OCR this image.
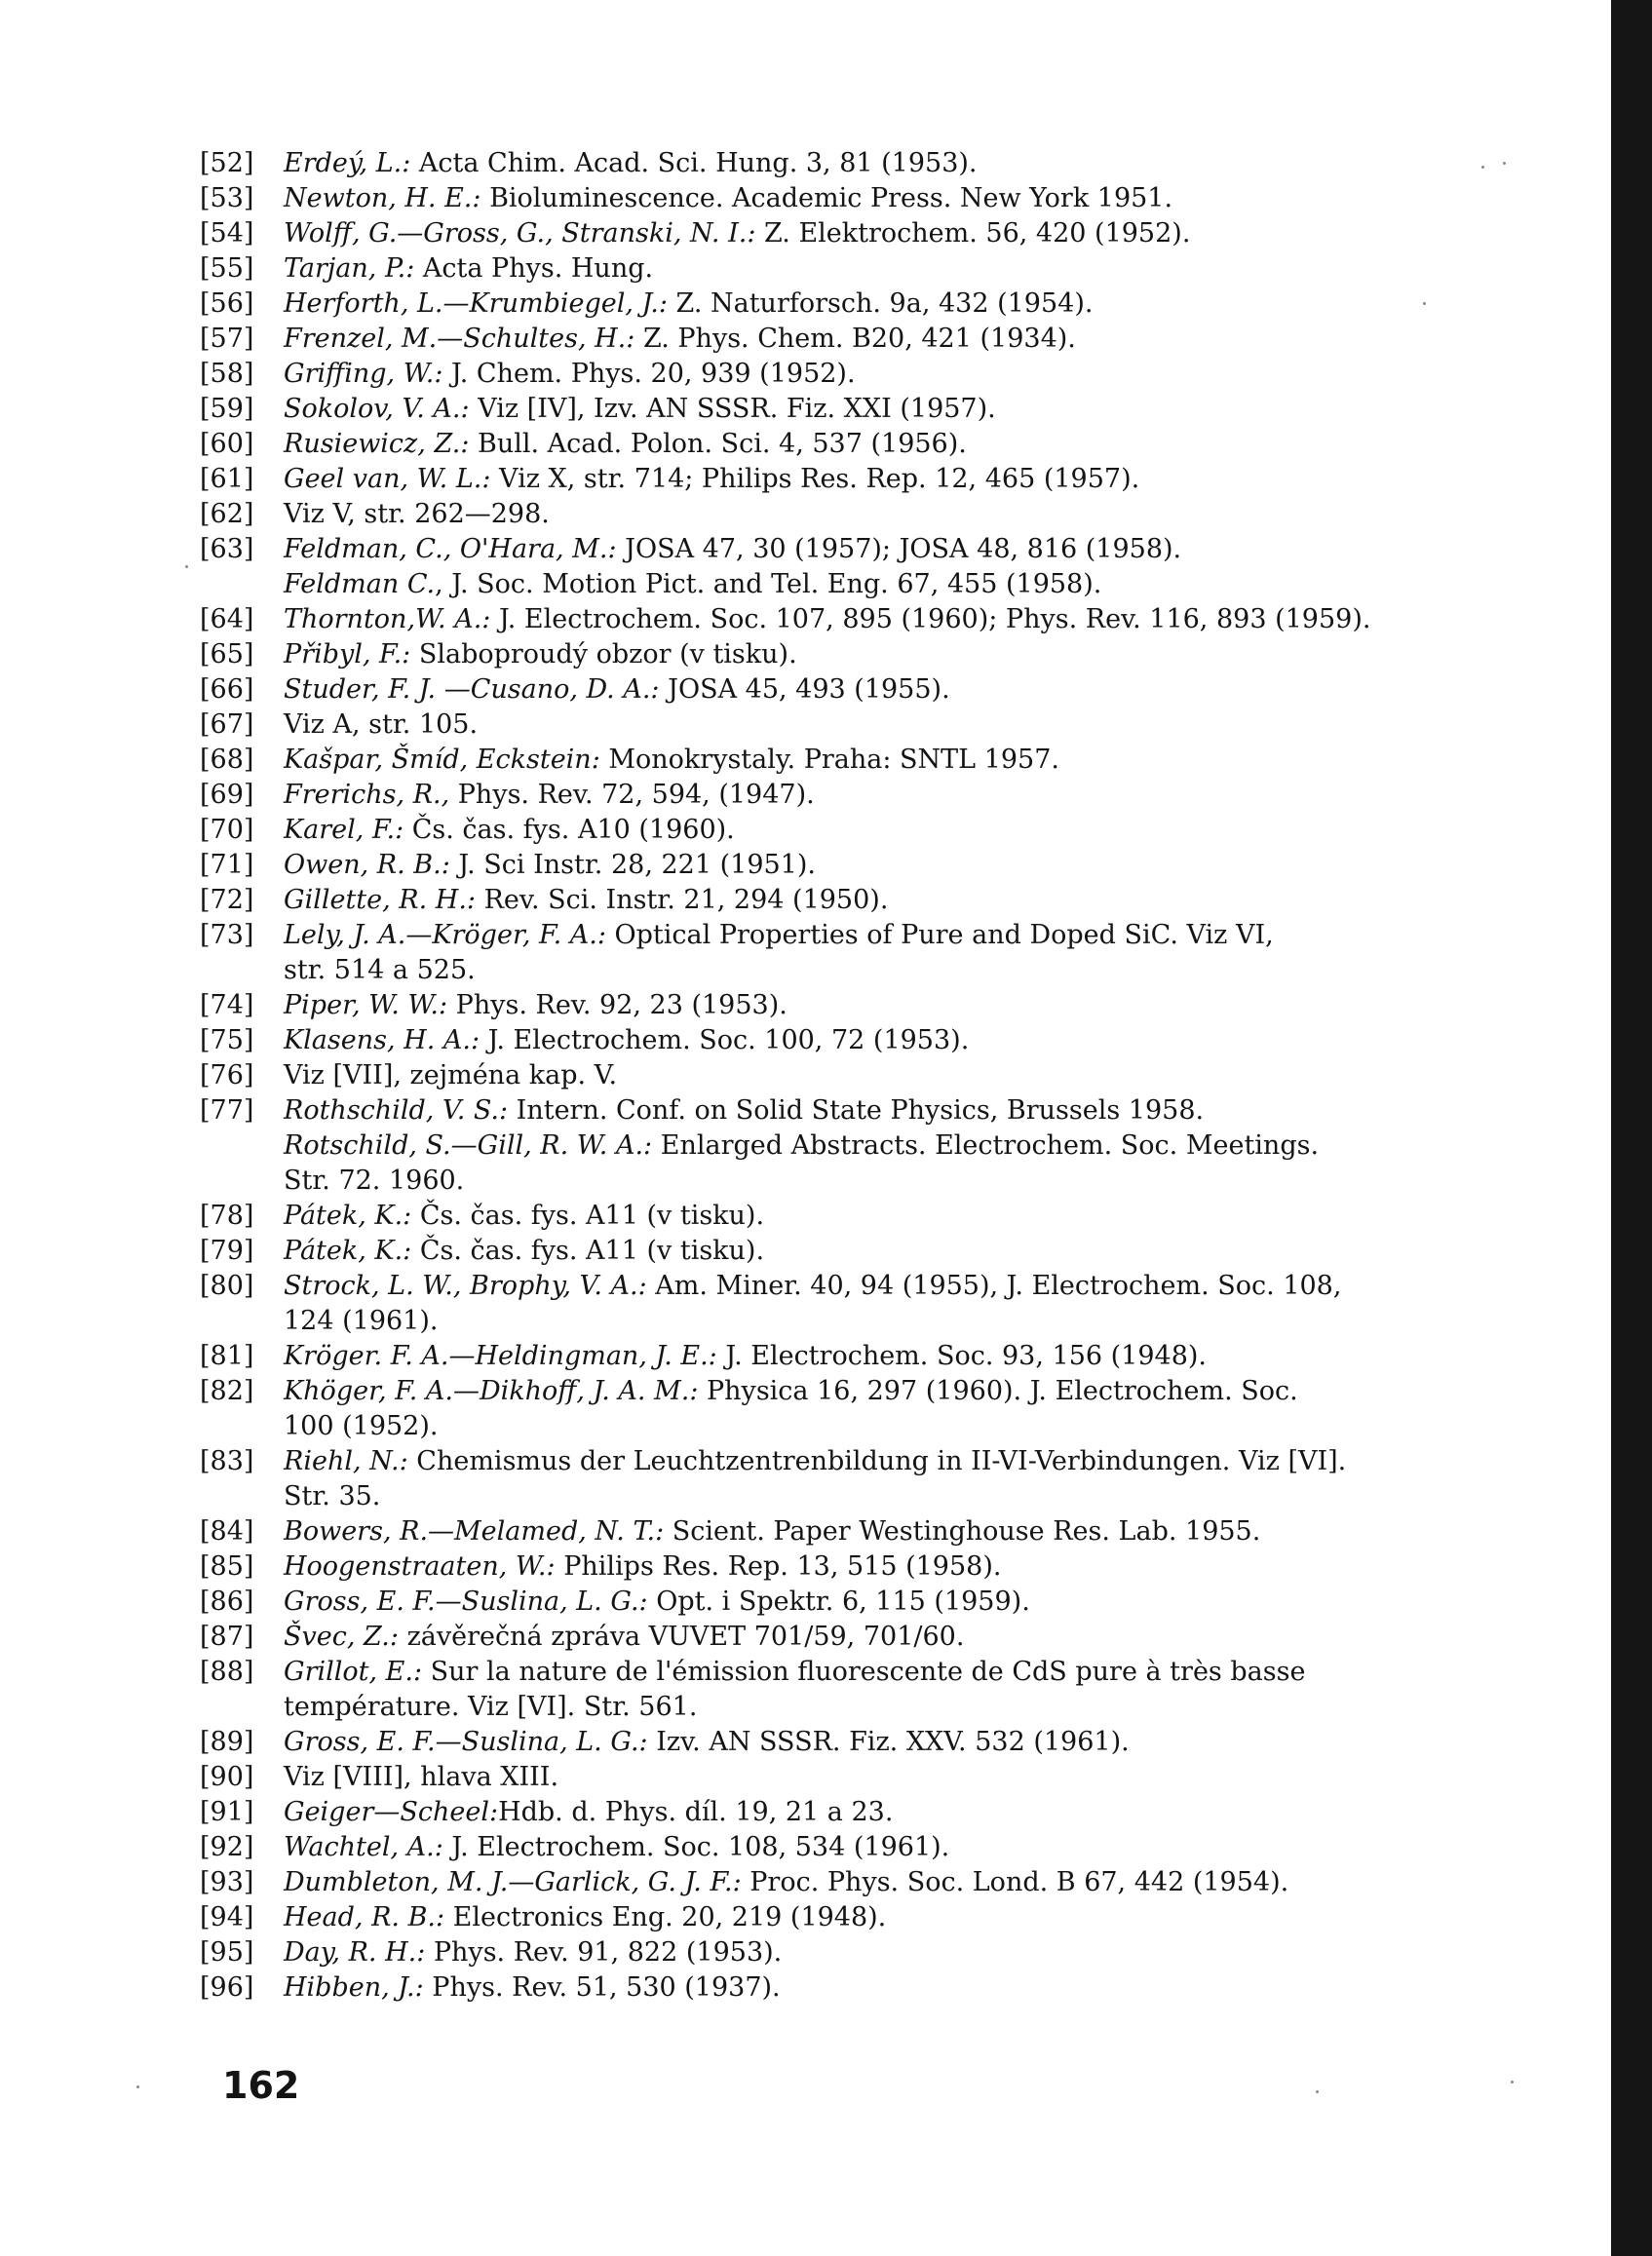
[52]	Erdeý, L.: Acta Chim. Acad. Sci. Hung. 3, 81 (1953).
[53]	Newton, H. E.: Bioluminescence. Academic Press. New York 1951.
[54]	Wolff, G.—Gross, G., Stranski, N. I.: Z. Elektrochem. 56, 420 (1952).
[55]	Tarjan, P.: Acta Phys. Hung.
[56]	Herforth, L.—Krumbiegel, J.: Z. Naturforsch. 9a, 432 (1954).
[57]	Frenzel, M.—Schultes, H.: Z. Phys. Chem. B20, 421 (1934).
[58]	Griffing, W.: J. Chem. Phys. 20, 939 (1952).
[59]	Sokolov, V. A.: Viz [IV], Izv. AN SSSR. Fiz. XXI (1957).
[60]	Rusiewicz, Z.: Bull. Acad. Polon. Sci. 4, 537 (1956).
[61]	Geel van, W. L.: Viz X, str. 714; Philips Res. Rep. 12, 465 (1957).
[62]	Viz V, str. 262—298.
[63]	Feldman, C., O'Hara, M.: JOSA 47, 30 (1957); JOSA 48, 816 (1958).
Feldman C., J. Soc. Motion Pict. and Tel. Eng. 67, 455 (1958).
[64]	Thornton,W. A.: J. Electrochem. Soc. 107, 895 (1960); Phys. Rev. 116, 893 (1959).
[65]	Přibyl, F.: Slaboproudý obzor (v tisku).
[66]	Studer, F. J. —Cusano, D. A.: JOSA 45, 493 (1955).
[67]	Viz A, str. 105.
[68]	Kašpar, Šmíd, Eckstein: Monokrystaly. Praha: SNTL 1957.
[69]	Frerichs, R., Phys. Rev. 72, 594, (1947).
[70]	Karel, F.: Čs. čas. fys. A10 (1960).
[71]	Owen, R. B.: J. Sci Instr. 28, 221 (1951).
[72]	Gillette, R. H.: Rev. Sci. Instr. 21, 294 (1950).
[73]	Lely, J. A.—Kröger, F. A.: Optical Properties of Pure and Doped SiC. Viz VI,
str. 514 a 525.
[74]	Piper, W. W.: Phys. Rev. 92, 23 (1953).
[75]	Klasens, H. A.: J. Electrochem. Soc. 100, 72 (1953).
[76]	Viz [VII], zejména kap. V.
[77]	Rothschild, V. S.: Intern. Conf. on Solid State Physics, Brussels 1958.
Rotschild, S.—Gill, R. W. A.: Enlarged Abstracts. Electrochem. Soc. Meetings.
Str. 72. 1960.
[78]	Pátek, K.: Čs. čas. fys. A11 (v tisku).
[79]	Pátek, K.: Čs. čas. fys. A11 (v tisku).
[80]	Strock, L. W., Brophy, V. A.: Am. Miner. 40, 94 (1955), J. Electrochem. Soc. 108,
124 (1961).
[81]	Kröger. F. A.—Heldingman, J. E.: J. Electrochem. Soc. 93, 156 (1948).
[82]	Khöger, F. A.—Dikhoff, J. A. M.: Physica 16, 297 (1960). J. Electrochem. Soc.
100 (1952).
[83]	Riehl, N.: Chemismus der Leuchtzentrenbildung in II-VI-Verbindungen. Viz [VI].
Str. 35.
[84]	Bowers, R.—Melamed, N. T.: Scient. Paper Westinghouse Res. Lab. 1955.
[85]	Hoogenstraaten, W.: Philips Res. Rep. 13, 515 (1958).
[86]	Gross, E. F.—Suslina, L. G.: Opt. i Spektr. 6, 115 (1959).
[87]	Švec, Z.: závěrečná zpráva VUVET 701/59, 701/60.
[88]	Grillot, E.: Sur la nature de l'émission fluorescente de CdS pure à très basse
température. Viz [VI]. Str. 561.
[89]	Gross, E. F.—Suslina, L. G.: Izv. AN SSSR. Fiz. XXV. 532 (1961).
[90]	Viz [VIII], hlava XIII.
[91]	Geiger—Scheel:Hdb. d. Phys. díl. 19, 21 a 23.
[92]	Wachtel, A.: J. Electrochem. Soc. 108, 534 (1961).
[93]	Dumbleton, M. J.—Garlick, G. J. F.: Proc. Phys. Soc. Lond. B 67, 442 (1954).
[94]	Head, R. B.: Electronics Eng. 20, 219 (1948).
[95]	Day, R. H.: Phys. Rev. 91, 822 (1953).
[96]	Hibben, J.: Phys. Rev. 51, 530 (1937).
162
